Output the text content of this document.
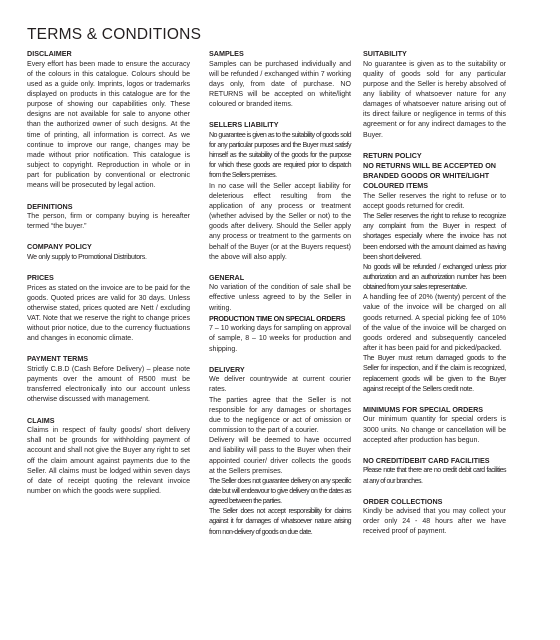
TERMS & CONDITIONS
DISCLAIMER

Every effort has been made to ensure the accuracy of the colours in this catalogue. Colours should be used as a guide only. Imprints, logos or trademarks displayed on products in this catalogue are for the purpose of showing our capabilities only. These designs are not available for sale to anyone other than the authorized owner of such designs. At the time of printing, all information is correct. As we continue to improve our range, changes may be made without prior notification. This catalogue is subject to copyright. Reproduction in whole or in part for publication by conventional or electronic means will be prosecuted by legal action.

DEFINITIONS

The person, firm or company buying is hereafter termed “the buyer.”

COMPANY POLICY

We only supply to Promotional Distributors.

PRICES

Prices as stated on the invoice are to be paid for the goods. Quoted prices are valid for 30 days. Unless otherwise stated, prices quoted are Nett / excluding VAT. Note that we reserve the right to change prices without prior notice, due to the currency fluctuations and changes in economic climate.

PAYMENT TERMS

Strictly C.B.D (Cash Before Delivery) – please note payments over the amount of R500 must be transferred electronically into our account unless otherwise discussed with management.

CLAIMS

Claims in respect of faulty goods/ short delivery shall not be grounds for withholding payment of account and shall not give the Buyer any right to set off the claim amount against payments due to the Seller. All claims must be lodged within seven days of date of receipt quoting the relevant invoice number on which the goods were supplied.

SAMPLES

Samples can be purchased individually and will be refunded / exchanged within 7 working days only, from date of purchase. NO RETURNS will be accepted on white/light coloured or branded items.

SELLERS LIABILITY

No guarantee is given as to the suitability of goods sold for any particular purposes and the Buyer must satisfy himself as the suitability of the goods for the purpose for which these goods are required prior to dispatch from the Sellers premises.

In no case will the Seller accept liability for deleterious effect resulting from the application of any process or treatment (whether advised by the Seller or not) to the goods after delivery. Should the Seller apply any process or treatment to the garments on behalf of the Buyer (or at the Buyers request) the above will also apply.

GENERAL

No variation of the condition of sale shall be effective unless agreed to by the Seller in writing.

PRODUCTION TIME ON SPECIAL ORDERS

7 – 10 working days for sampling on approval of sample, 8 – 10 weeks for production and shipping.

DELIVERY

We deliver countrywide at current courier rates.

The parties agree that the Seller is not responsible for any damages or shortages due to the negligence or act of omission or commission to the part of a courier.

Delivery will be deemed to have occurred and liability will pass to the Buyer when their appointed courier/ driver collects the goods at the Sellers premises.

The Seller does not guarantee delivery on any specific date but will endeavour to give delivery on the dates as agreed between the parties.

The Seller does not accept responsibility for claims against it for damages of whatsoever nature arising from non-delivery of goods on due date.

SUITABILITY

No guarantee is given as to the suitability or quality of goods sold for any particular purpose and the Seller is hereby absolved of any liability of whatsoever nature for any damages of whatsoever nature arising out of its direct failure or negligence in terms of this agreement or for any indirect damages to the Buyer.

RETURN POLICY
NO RETURNS WILL BE ACCEPTED ON BRANDED GOODS OR WHITE/LIGHT COLOURED ITEMS

The Seller reserves the right to refuse or to accept goods returned for credit.

The Seller reserves the right to refuse to recognize any complaint from the Buyer in respect of shortages especially where the invoice has not been endorsed with the amount claimed as having been short delivered.

No goods will be refunded / exchanged unless prior authorization and an authorization number has been obtained from your sales representative.

A handling fee of 20% (twenty) percent of the value of the invoice will be charged on all goods returned. A special picking fee of 10% of the value of the invoice will be charged on goods ordered and subsequently canceled after it has been paid for and picked/packed.

The Buyer must return damaged goods to the Seller for inspection, and if the claim is recognized, replacement goods will be given to the Buyer against receipt of the Sellers credit note.

MINIMUMS FOR SPECIAL ORDERS

Our minimum quantity for special orders is 3000 units. No change or cancellation will be accepted after production has begun.

NO CREDIT/DEBIT CARD FACILITIES

Please note that there are no credit debit card facilities at any of our branches.

ORDER COLLECTIONS

Kindly be advised that you may collect your order only 24 - 48 hours after we have received proof of payment.
